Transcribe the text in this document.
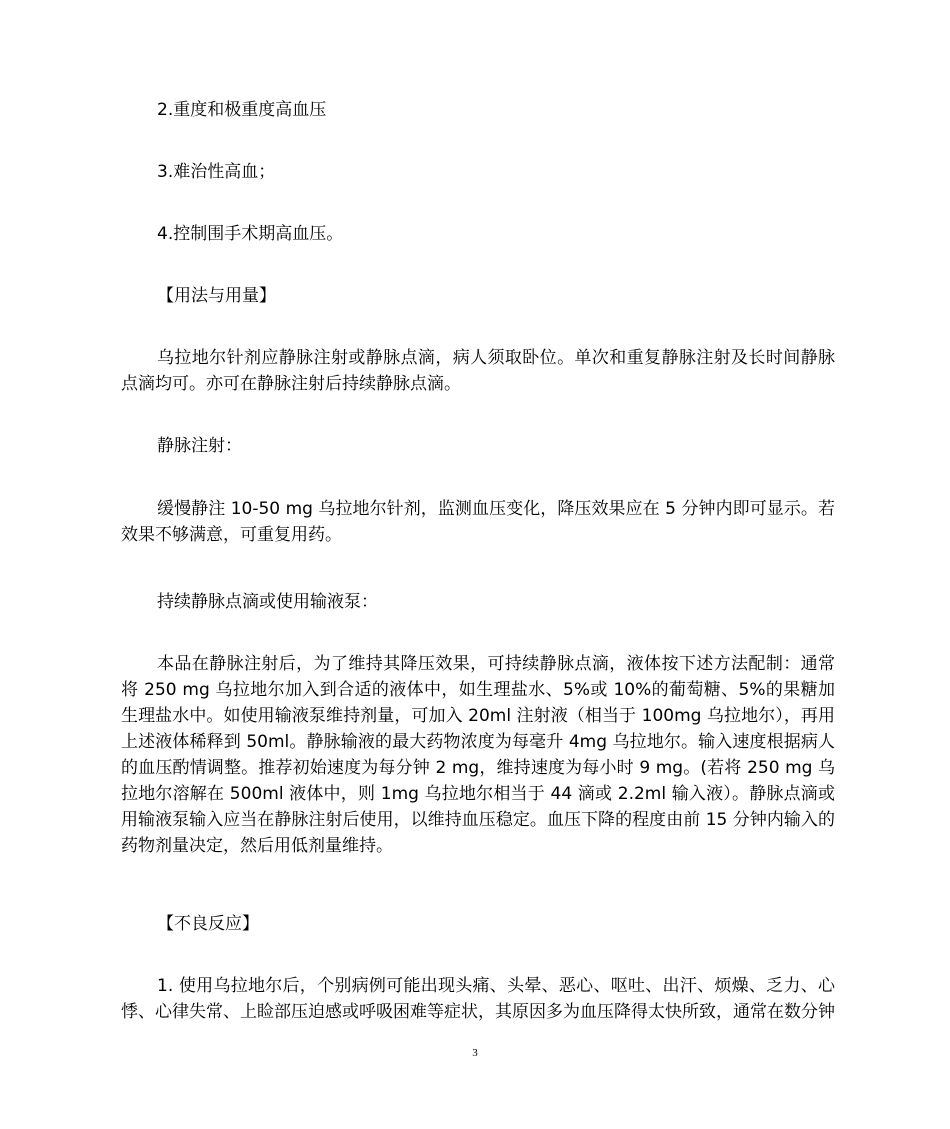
2.重度和极重度高血压

3.难治性高血；

4.控制围手术期高血压。

【用法与用量】

乌拉地尔针剂应静脉注射或静脉点滴，病人须取卧位。单次和重复静脉注射及长时间静脉点滴均可。亦可在静脉注射后持续静脉点滴。

静脉注射：

缓慢静注 10-50 mg 乌拉地尔针剂，监测血压变化，降压效果应在 5 分钟内即可显示。若效果不够满意，可重复用药。

持续静脉点滴或使用输液泵：

本品在静脉注射后，为了维持其降压效果，可持续静脉点滴，液体按下述方法配制：通常将 250 mg 乌拉地尔加入到合适的液体中，如生理盐水、5%或 10%的葡萄糖、5%的果糖加生理盐水中。如使用输液泵维持剂量，可加入 20ml 注射液（相当于 100mg 乌拉地尔），再用上述液体稀释到 50ml。静脉输液的最大药物浓度为每毫升 4mg 乌拉地尔。输入速度根据病人的血压酌情调整。推荐初始速度为每分钟 2 mg，维持速度为每小时 9 mg。(若将 250 mg 乌拉地尔溶解在 500ml 液体中，则 1mg 乌拉地尔相当于 44 滴或 2.2ml 输入液）。静脉点滴或用输液泵输入应当在静脉注射后使用，以维持血压稳定。血压下降的程度由前 15 分钟内输入的药物剂量决定，然后用低剂量维持。

【不良反应】

1. 使用乌拉地尔后，个别病例可能出现头痛、头晕、恶心、呕吐、出汗、烦燥、乏力、心悸、心律失常、上睑部压迫感或呼吸困难等症状，其原因多为血压降得太快所致，通常在数分钟

3
